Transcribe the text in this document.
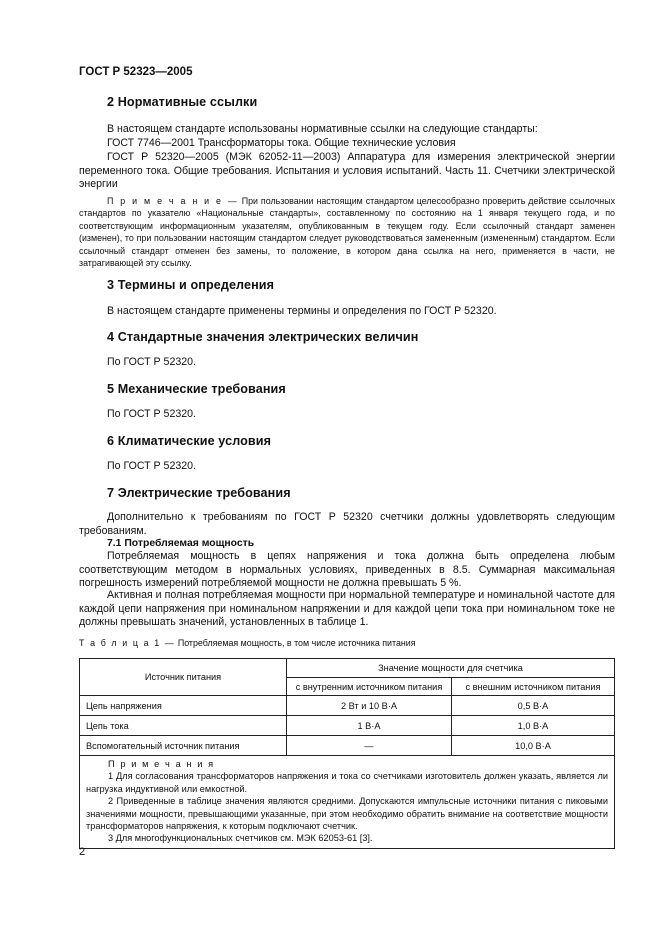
ГОСТ Р 52323—2005
2 Нормативные ссылки
В настоящем стандарте использованы нормативные ссылки на следующие стандарты:
ГОСТ 7746—2001 Трансформаторы тока. Общие технические условия
ГОСТ Р 52320—2005 (МЭК 62052-11—2003) Аппаратура для измерения электрической энергии переменного тока. Общие требования. Испытания и условия испытаний. Часть 11. Счетчики электрической энергии
П р и м е ч а н и е — При пользовании настоящим стандартом целесообразно проверить действие ссылочных стандартов по указателю «Национальные стандарты», составленному по состоянию на 1 января текущего года, и по соответствующим информационным указателям, опубликованным в текущем году. Если ссылочный стандарт заменен (изменен), то при пользовании настоящим стандартом следует руководствоваться замененным (измененным) стандартом. Если ссылочный стандарт отменен без замены, то положение, в котором дана ссылка на него, применяется в части, не затрагивающей эту ссылку.
3 Термины и определения
В настоящем стандарте применены термины и определения по ГОСТ Р 52320.
4 Стандартные значения электрических величин
По ГОСТ Р 52320.
5 Механические требования
По ГОСТ Р 52320.
6 Климатические условия
По ГОСТ Р 52320.
7 Электрические требования
Дополнительно к требованиям по ГОСТ Р 52320 счетчики должны удовлетворять следующим требованиям.
7.1 Потребляемая мощность
Потребляемая мощность в цепях напряжения и тока должна быть определена любым соответствующим методом в нормальных условиях, приведенных в 8.5. Суммарная максимальная погрешность измерений потребляемой мощности не должна превышать 5 %.
Активная и полная потребляемая мощности при нормальной температуре и номинальной частоте для каждой цепи напряжения при номинальном напряжении и для каждой цепи тока при номинальном токе не должны превышать значений, установленных в таблице 1.
Т а б л и ц а 1 — Потребляемая мощность, в том числе источника питания
Источник питания	Значение мощности для счетчика	
	с внутренним источником питания	с внешним источником питания
Цепь напряжения	2 Вт и 10 В·А	0,5 В·А
Цепь тока	1 В·А	1,0 В·А
Вспомогательный источник питания	—	10,0 В·А

П р и м е ч а н и я
1 Для согласования трансформаторов напряжения и тока со счетчиками изготовитель должен указать, является ли нагрузка индуктивной или емкостной.
2 Приведенные в таблице значения являются средними. Допускаются импульсные источники питания с пиковыми значениями мощности, превышающими указанные, при этом необходимо обратить внимание на соответствие мощности трансформаторов напряжения, к которым подключают счетчик.
3 Для многофункциональных счетчиков см. МЭК 62053-61 [3].		
2
